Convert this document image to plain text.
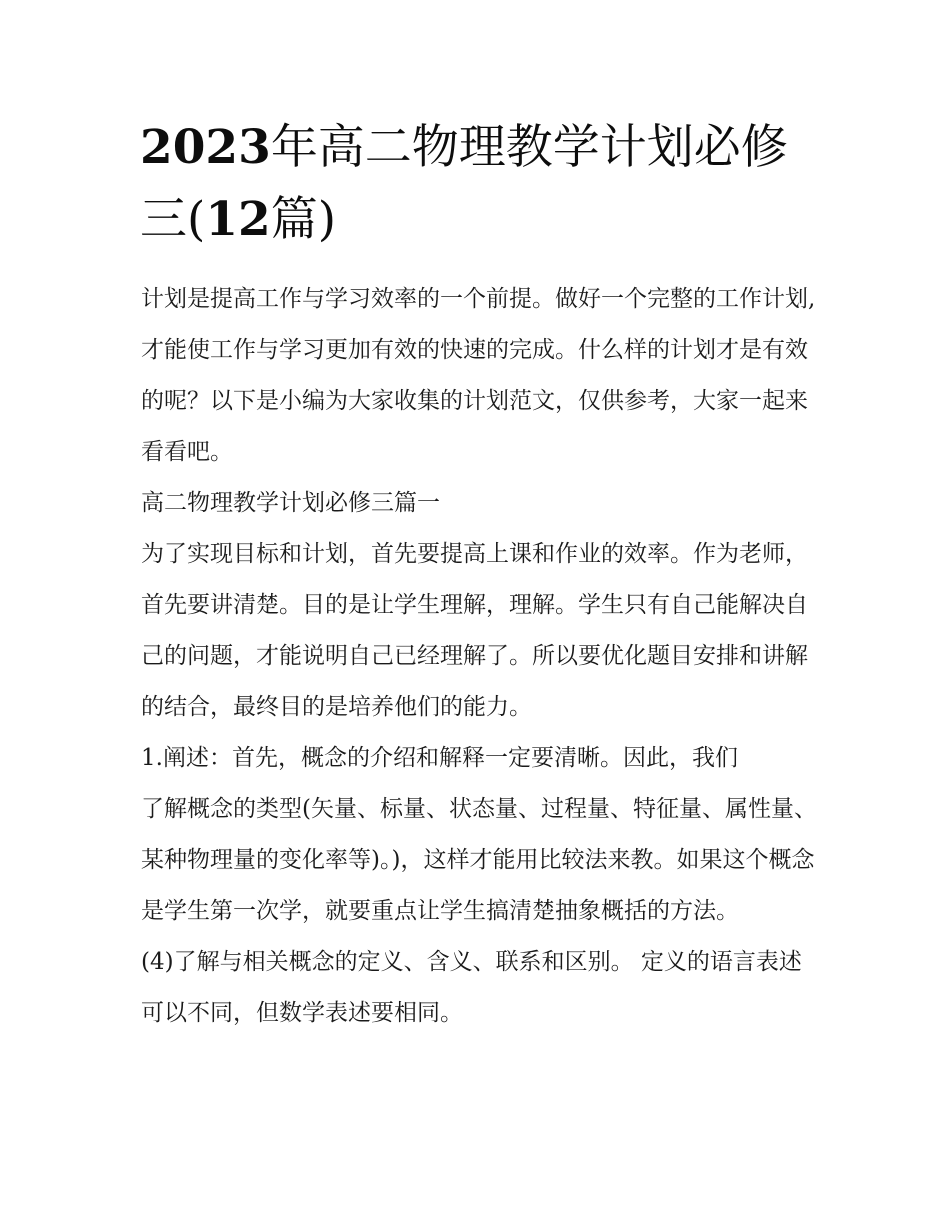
2023年高二物理教学计划必修三(12篇)

计划是提高工作与学习效率的一个前提。做好一个完整的工作计划,才能使工作与学习更加有效的快速的完成。什么样的计划才是有效的呢？以下是小编为大家收集的计划范文，仅供参考，大家一起来看看吧。

高二物理教学计划必修三篇一

为了实现目标和计划，首先要提高上课和作业的效率。作为老师，首先要讲清楚。目的是让学生理解，理解。学生只有自己能解决自己的问题，才能说明自己已经理解了。所以要优化题目安排和讲解的结合，最终目的是培养他们的能力。

1.阐述：首先，概念的介绍和解释一定要清晰。因此，我们

了解概念的类型(矢量、标量、状态量、过程量、特征量、属性量、某种物理量的变化率等)。)，这样才能用比较法来教。如果这个概念是学生第一次学，就要重点让学生搞清楚抽象概括的方法。

(4)了解与相关概念的定义、含义、联系和区别。 定义的语言表述可以不同，但数学表述要相同。
